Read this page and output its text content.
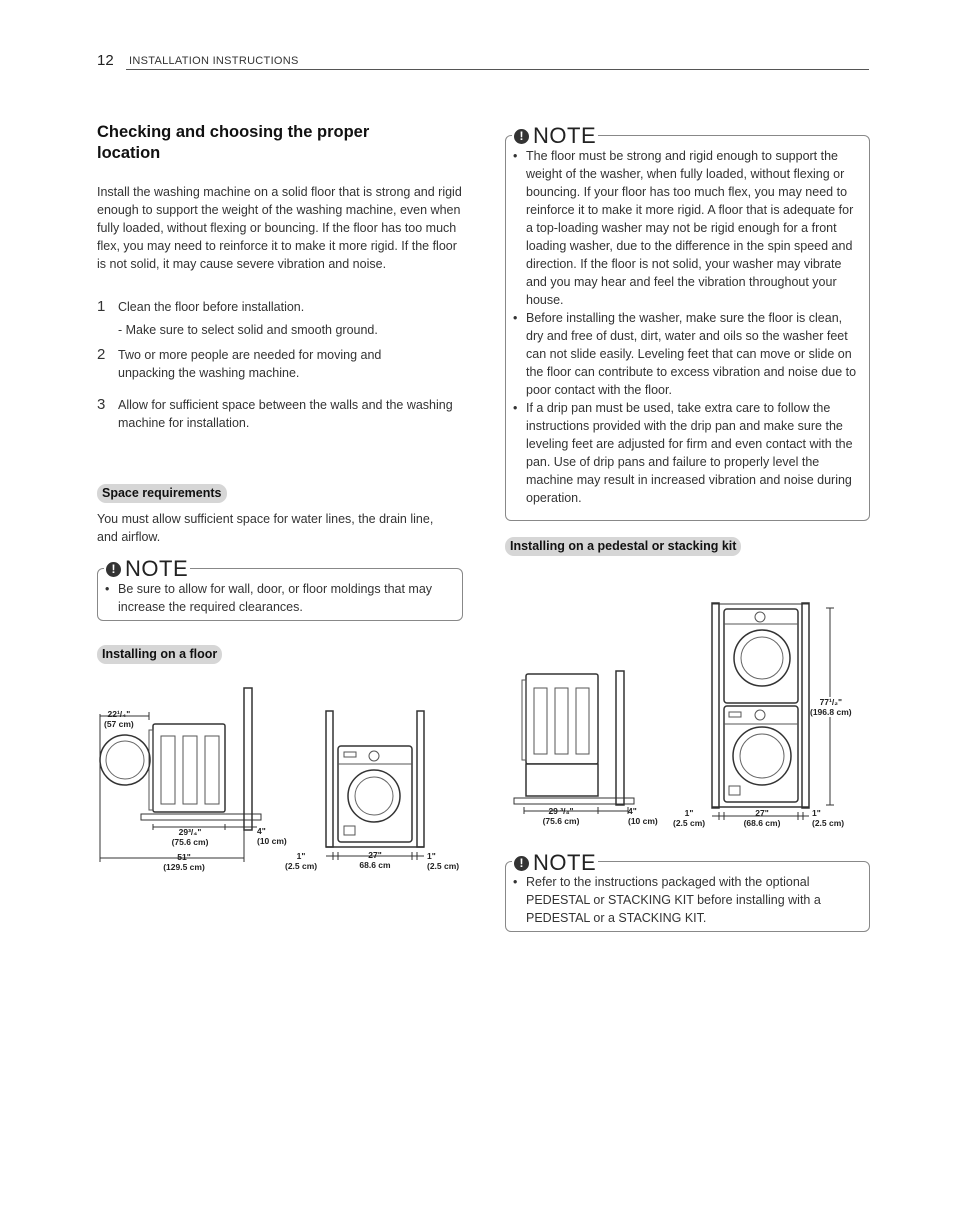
12 INSTALLATION INSTRUCTIONS
Checking and choosing the proper location
Install the washing machine on a solid floor that is strong and rigid enough to support the weight of the washing machine, even when fully loaded, without flexing or bouncing. If the floor has too much flex, you may need to reinforce it to make it more rigid. If the floor is not solid, it may cause severe vibration and noise.
1 Clean the floor before installation.
- Make sure to select solid and smooth ground.
2 Two or more people are needed for moving and unpacking the washing machine.
3 Allow for sufficient space between the walls and the washing machine for installation.
Space requirements
You must allow sufficient space for water lines, the drain line, and airflow.
! NOTE
• Be sure to allow for wall, door, or floor moldings that may increase the required clearances.
Installing on a floor
22¹/₄"
(57 cm)
29³/₄"
(75.6 cm)
4"
(10 cm)
51"
(129.5 cm)
1"
(2.5 cm)
27"
68.6 cm
1"
(2.5 cm)
! NOTE
• The floor must be strong and rigid enough to support the weight of the washer, when fully loaded, without flexing or bouncing. If your floor has too much flex, you may need to reinforce it to make it more rigid. A floor that is adequate for a top-loading washer may not be rigid enough for a front loading washer, due to the difference in the spin speed and direction. If the floor is not solid, your washer may vibrate and you may hear and feel the vibration throughout your house.
• Before installing the washer, make sure the floor is clean, dry and free of dust, dirt, water and oils so the washer feet can not slide easily. Leveling feet that can move or slide on the floor can contribute to excess vibration and noise due to poor contact with the floor.
• If a drip pan must be used, take extra care to follow the instructions provided with the drip pan and make sure the leveling feet are adjusted for firm and even contact with the pan. Use of drip pans and failure to properly level the machine may result in increased vibration and noise during operation.
Installing on a pedestal or stacking kit
29 ³/₄"
(75.6 cm)
4"
(10 cm)
77¹/₂"
(196.8 cm)
1"
(2.5 cm)
27"
(68.6 cm)
1"
(2.5 cm)
! NOTE
• Refer to the instructions packaged with the optional PEDESTAL or STACKING KIT before installing with a PEDESTAL or a STACKING KIT.
